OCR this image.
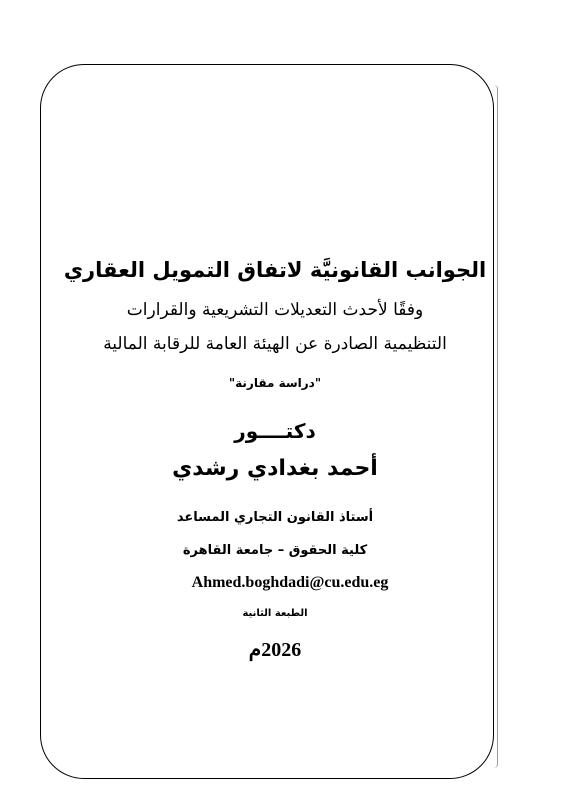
الجوانب القانونيَّة لاتفاق التمويل العقاري
وفقًا لأحدث التعديلات التشريعية والقرارات
التنظيمية الصادرة عن الهيئة العامة للرقابة المالية
"دراسة مقارنة"
دكتــــور
أحمد بغدادي رشدي
أستاذ القانون التجاري المساعد
كلية الحقوق – جامعة القاهرة
Ahmed.boghdadi@cu.edu.eg
الطبعة الثانية
2026م
